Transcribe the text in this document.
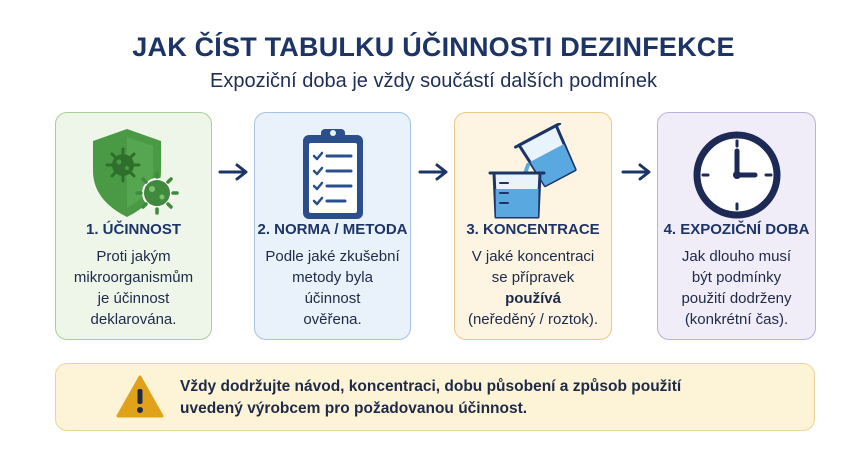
JAK ČÍST TABULKU ÚČINNOSTI DEZINFEKCE
Expoziční doba je vždy součástí dalších podmínek
1. ÚČINNOST
Proti jakým
mikroorganismům
je účinnost
deklarována.
2. NORMA / METODA
Podle jaké zkušební
metody byla
účinnost
ověřena.
3. KONCENTRACE
V jaké koncentraci
se přípravek
používá
(neředěný / roztok).
4. EXPOZIČNÍ DOBA
Jak dlouho musí
být podmínky
použití dodrženy
(konkrétní čas).
Vždy dodržujte návod, koncentraci, dobu působení a způsob použití
uvedený výrobcem pro požadovanou účinnost.
